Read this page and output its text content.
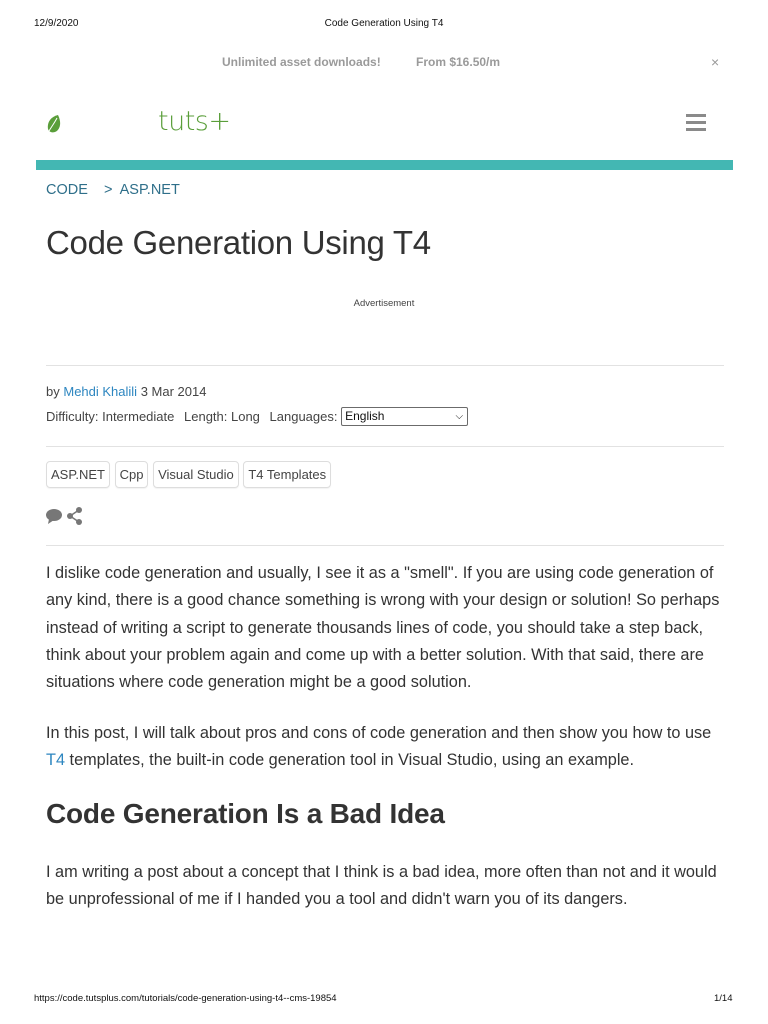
12/9/2020	Code Generation Using T4
Unlimited asset downloads!	From $16.50/m	×
tuts+
CODE > ASP.NET
Code Generation Using T4
Advertisement
by Mehdi Khalili 3 Mar 2014
Difficulty: Intermediate Length: Long Languages: English	⌵
ASP.NET Cpp Visual Studio T4 Templates

I dislike code generation and usually, I see it as a "smell". If you are using code generation of any kind, there is a good chance something is wrong with your design or solution! So perhaps instead of writing a script to generate thousands lines of code, you should take a step back, think about your problem again and come up with a better solution. With that said, there are situations where code generation might be a good solution.

In this post, I will talk about pros and cons of code generation and then show you how to use T4 templates, the built-in code generation tool in Visual Studio, using an example.

Code Generation Is a Bad Idea

I am writing a post about a concept that I think is a bad idea, more often than not and it would be unprofessional of me if I handed you a tool and didn't warn you of its dangers.

https://code.tutsplus.com/tutorials/code-generation-using-t4--cms-19854	1/14
